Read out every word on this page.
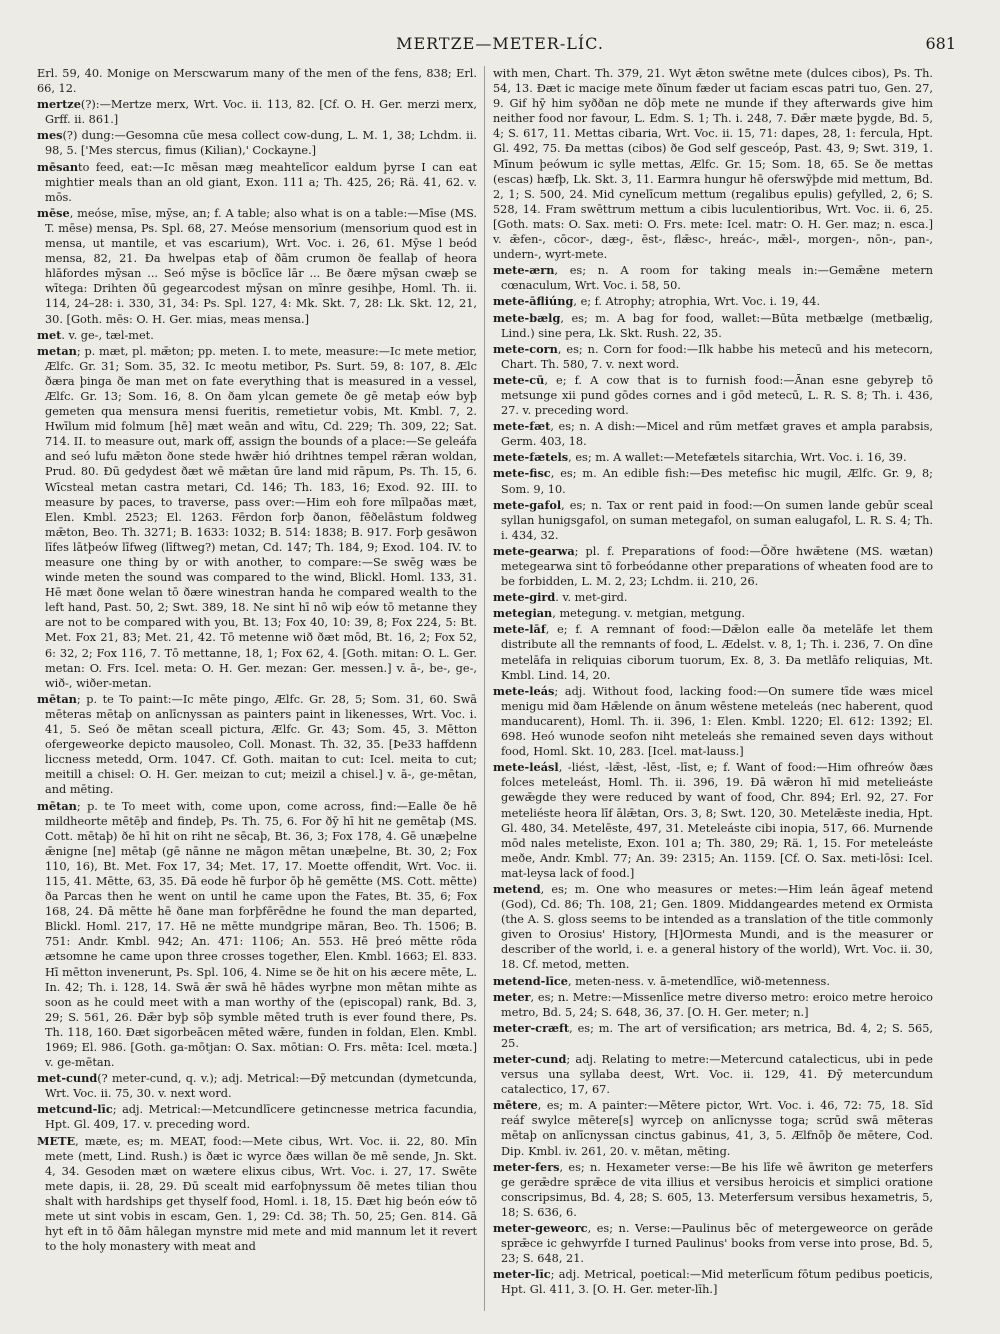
MERTZE—METER-LÍC.	681

Erl. 59, 40. Monige on Merscwarum many of the men of the fens, 838; Erl. 66, 12.

mertze(?):—Mertze merx, Wrt. Voc. ii. 113, 82. [Cf. O. H. Ger. merzi merx, Grff. ii. 861.]

mes(?) dung:—Gesomna cūe mesa collect cow-dung, L. M. 1, 38; Lchdm. ii. 98, 5. ['Mes stercus, fimus (Kilian),' Cockayne.]

mēsanto feed, eat:—Ic mēsan mæg meahtelīcor ealdum þyrse I can eat mightier meals than an old giant, Exon. 111 a; Th. 425, 26; Rä. 41, 62. v. mōs.

mēse, meóse, mīse, mȳse, an; f. A table; also what is on a table:—Mīse (MS. T. mēse) mensa, Ps. Spl. 68, 27. Meóse mensorium (mensorium quod est in mensa, ut mantile, et vas escarium), Wrt. Voc. i. 26, 61. Mȳse l beód mensa, 82, 21. Ða hwelpas etaþ of ðām crumon ðe feallaþ of heora hlāfordes mȳsan ... Seó mȳse is bōclīce lār ... Be ðære mȳsan cwæþ se wītega: Drihten ðū gegearcodest mȳsan on mīnre gesihþe, Homl. Th. ii. 114, 24–28: i. 330, 31, 34: Ps. Spl. 127, 4: Mk. Skt. 7, 28: Lk. Skt. 12, 21, 30. [Goth. mēs: O. H. Ger. mias, meas mensa.]

met. v. ge-, tæl-met.

metan; p. mæt, pl. mǣton; pp. meten. I. to mete, measure:—Ic mete metior, Ælfc. Gr. 31; Som. 35, 32. Ic meotu metibor, Ps. Surt. 59, 8: 107, 8. Ælc ðæra þinga ðe man met on fate everything that is measured in a vessel, Ælfc. Gr. 13; Som. 16, 8. On ðam ylcan gemete ðe gē metaþ eów byþ gemeten qua mensura mensi fueritis, remetietur vobis, Mt. Kmbl. 7, 2. Hwīlum mid folmum [hē] mæt weān and wītu, Cd. 229; Th. 309, 22; Sat. 714. II. to measure out, mark off, assign the bounds of a place:—Se geleáfa and seó lufu mǣton ðone stede hwǣr hió drihtnes tempel rǣran woldan, Prud. 80. Ðū gedydest ðæt wē mǣtan ūre land mid rāpum, Ps. Th. 15, 6. Wīcsteal metan castra metari, Cd. 146; Th. 183, 16; Exod. 92. III. to measure by paces, to traverse, pass over:—Him eoh fore mīlpaðas mæt, Elen. Kmbl. 2523; El. 1263. Fērdon forþ ðanon, fēðelāstum foldweg mǣton, Beo. Th. 3271; B. 1633: 1032; B. 514: 1838; B. 917. Forþ gesāwon līfes lātþeów līfweg (līftweg?) metan, Cd. 147; Th. 184, 9; Exod. 104. IV. to measure one thing by or with another, to compare:—Se swēg wæs be winde meten the sound was compared to the wind, Blickl. Homl. 133, 31. Hē mæt ðone welan tō ðære winestran handa he compared wealth to the left hand, Past. 50, 2; Swt. 389, 18. Ne sint hī nō wiþ eów tō metanne they are not to be compared with you, Bt. 13; Fox 40, 10: 39, 8; Fox 224, 5: Bt. Met. Fox 21, 83; Met. 21, 42. Tō metenne wið ðæt mōd, Bt. 16, 2; Fox 52, 6: 32, 2; Fox 116, 7. Tō mettanne, 18, 1; Fox 62, 4. [Goth. mitan: O. L. Ger. metan: O. Frs. Icel. meta: O. H. Ger. mezan: Ger. messen.] v. ā-, be-, ge-, wið-, wiðer-metan.

mētan; p. te To paint:—Ic mēte pingo, Ælfc. Gr. 28, 5; Som. 31, 60. Swā mēteras mētaþ on anlīcnyssan as painters paint in likenesses, Wrt. Voc. i. 41, 5. Seó ðe mētan sceall pictura, Ælfc. Gr. 43; Som. 45, 3. Mētton ofergeweorke depicto mausoleo, Coll. Monast. Th. 32, 35. [Þe33 haffdenn liccness metedd, Orm. 1047. Cf. Goth. maitan to cut: Icel. meita to cut; meitill a chisel: O. H. Ger. meizan to cut; meizil a chisel.] v. ā-, ge-mētan, and mēting.

mētan; p. te To meet with, come upon, come across, find:—Ealle ðe hē mildheorte mētēþ and findeþ, Ps. Th. 75, 6. For ðȳ hī hit ne gemētaþ (MS. Cott. mētaþ) ðe hī hit on riht ne sēcaþ, Bt. 36, 3; Fox 178, 4. Gē unæþelne ǣnigne [ne] mētaþ (gē nānne ne māgon mētan unæþelne, Bt. 30, 2; Fox 110, 16), Bt. Met. Fox 17, 34; Met. 17, 17. Moette offendit, Wrt. Voc. ii. 115, 41. Mētte, 63, 35. Ðā eode hē furþor ōþ hē gemētte (MS. Cott. mētte) ða Parcas then he went on until he came upon the Fates, Bt. 35, 6; Fox 168, 24. Ðā mētte hē ðane man forþfērēdne he found the man departed, Blickl. Homl. 217, 17. Hē ne mētte mundgripe māran, Beo. Th. 1506; B. 751: Andr. Kmbl. 942; An. 471: 1106; An. 553. Hē þreó mētte rōda ætsomne he came upon three crosses together, Elen. Kmbl. 1663; El. 833. Hī mētton invenerunt, Ps. Spl. 106, 4. Nime se ðe hit on his æcere mēte, L. In. 42; Th. i. 128, 14. Swā ǣr swā hē hādes wyrþne mon mētan mihte as soon as he could meet with a man worthy of the (episcopal) rank, Bd. 3, 29; S. 561, 26. Ðǣr byþ sōþ symble mēted truth is ever found there, Ps. Th. 118, 160. Ðæt sigorbeācen mēted wǣre, funden in foldan, Elen. Kmbl. 1969; El. 986. [Goth. ga-mōtjan: O. Sax. mōtian: O. Frs. mēta: Icel. mœta.] v. ge-mētan.

met-cund(? meter-cund, q. v.); adj. Metrical:—Ðȳ metcundan (dymetcunda, Wrt. Voc. ii. 75, 30. v. next word.

metcund-līc; adj. Metrical:—Metcundlīcere getincnesse metrica facundia, Hpt. Gl. 409, 17. v. preceding word.

METE, mæte, es; m. MEAT, food:—Mete cibus, Wrt. Voc. ii. 22, 80. Mīn mete (mett, Lind. Rush.) is ðæt ic wyrce ðæs willan ðe mē sende, Jn. Skt. 4, 34. Gesoden mæt on wætere elixus cibus, Wrt. Voc. i. 27, 17. Swēte mete dapis, ii. 28, 29. Ðū scealt mid earfoþnyssum ðē metes tilian thou shalt with hardships get thyself food, Homl. i. 18, 15. Ðæt hig beón eów tō mete ut sint vobis in escam, Gen. 1, 29: Cd. 38; Th. 50, 25; Gen. 814. Gā hyt eft in tō ðām hālegan mynstre mid mete and mid mannum let it revert to the holy monastery with meat and

with men, Chart. Th. 379, 21. Wyt ǣton swētne mete (dulces cibos), Ps. Th. 54, 13. Ðæt ic macige mete ðīnum fæder ut faciam escas patri tuo, Gen. 27, 9. Gif hȳ him syððan ne dōþ mete ne munde if they afterwards give him neither food nor favour, L. Edm. S. 1; Th. i. 248, 7. Ðǣr mæte þygde, Bd. 5, 4; S. 617, 11. Mettas cibaria, Wrt. Voc. ii. 15, 71: dapes, 28, 1: fercula, Hpt. Gl. 492, 75. Ða mettas (cibos) ðe God self gesceóp, Past. 43, 9; Swt. 319, 1. Mīnum þeówum ic sylle mettas, Ælfc. Gr. 15; Som. 18, 65. Se ðe mettas (escas) hæfþ, Lk. Skt. 3, 11. Earmra hungur hē oferswȳþde mid mettum, Bd. 2, 1; S. 500, 24. Mid cynelīcum mettum (regalibus epulis) gefylled, 2, 6; S. 528, 14. Fram swēttrum mettum a cibis luculentioribus, Wrt. Voc. ii. 6, 25. [Goth. mats: O. Sax. meti: O. Frs. mete: Icel. matr: O. H. Ger. maz; n. esca.] v. ǣfen-, cōcor-, dæg-, ēst-, flǣsc-, hreác-, mǣl-, morgen-, nōn-, pan-, undern-, wyrt-mete.

mete-ærn, es; n. A room for taking meals in:—Gemǣne metern cœnaculum, Wrt. Voc. i. 58, 50.

mete-āfliúng, e; f. Atrophy; atrophia, Wrt. Voc. i. 19, 44.

mete-bælg, es; m. A bag for food, wallet:—Būta metbælge (metbælig, Lind.) sine pera, Lk. Skt. Rush. 22, 35.

mete-corn, es; n. Corn for food:—Ilk habbe his metecū and his metecorn, Chart. Th. 580, 7. v. next word.

mete-cū, e; f. A cow that is to furnish food:—Ānan esne gebyreþ tō metsunge xii pund gōdes cornes and i gōd metecū, L. R. S. 8; Th. i. 436, 27. v. preceding word.

mete-fæt, es; n. A dish:—Micel and rūm metfæt graves et ampla parabsis, Germ. 403, 18.

mete-fætels, es; m. A wallet:—Metefætels sitarchia, Wrt. Voc. i. 16, 39.

mete-fisc, es; m. An edible fish:—Ðes metefisc hic mugil, Ælfc. Gr. 9, 8; Som. 9, 10.

mete-gafol, es; n. Tax or rent paid in food:—On sumen lande gebūr sceal syllan hunigsgafol, on suman metegafol, on suman ealugafol, L. R. S. 4; Th. i. 434, 32.

mete-gearwa; pl. f. Preparations of food:—Ōðre hwǣtene (MS. wætan) metegearwa sint tō forbeódanne other preparations of wheaten food are to be forbidden, L. M. 2, 23; Lchdm. ii. 210, 26.

mete-gird. v. met-gird.

metegian, metegung. v. metgian, metgung.

mete-lāf, e; f. A remnant of food:—Dǣlon ealle ða metelāfe let them distribute all the remnants of food, L. Ædelst. v. 8, 1; Th. i. 236, 7. On dīne metelāfa in reliquias ciborum tuorum, Ex. 8, 3. Ða metlāfo reliquias, Mt. Kmbl. Lind. 14, 20.

mete-leás; adj. Without food, lacking food:—On sumere tīde wæs micel menigu mid ðam Hǣlende on ānum wēstene meteleás (nec haberent, quod manducarent), Homl. Th. ii. 396, 1: Elen. Kmbl. 1220; El. 612: 1392; El. 698. Heó wunode seofon niht meteleás she remained seven days without food, Homl. Skt. 10, 283. [Icel. mat-lauss.]

mete-leásl, -liést, -lǣst, -lēst, -līst, e; f. Want of food:—Him ofhreów ðæs folces meteleást, Homl. Th. ii. 396, 19. Ðā wǣron hī mid metelieáste gewǣgde they were reduced by want of food, Chr. 894; Erl. 92, 27. For meteliéste heora līf ālǣtan, Ors. 3, 8; Swt. 120, 30. Metelǣste inedia, Hpt. Gl. 480, 34. Metelēste, 497, 31. Meteleáste cibi inopia, 517, 66. Murnende mōd nales meteliste, Exon. 101 a; Th. 380, 29; Rä. 1, 15. For meteleáste meðe, Andr. Kmbl. 77; An. 39: 2315; An. 1159. [Cf. O. Sax. meti-lōsi: Icel. mat-leysa lack of food.]

metend, es; m. One who measures or metes:—Him leán āgeaf metend (God), Cd. 86; Th. 108, 21; Gen. 1809. Middangeardes metend ex Ormista (the A. S. gloss seems to be intended as a translation of the title commonly given to Orosius' History, [H]Ormesta Mundi, and is the measurer or describer of the world, i. e. a general history of the world), Wrt. Voc. ii. 30, 18. Cf. metod, metten.

metend-līce, meten-ness. v. ā-metendlīce, wið-metenness.

meter, es; n. Metre:—Missenlīce metre diverso metro: eroico metre heroico metro, Bd. 5, 24; S. 648, 36, 37. [O. H. Ger. meter; n.]

meter-cræft, es; m. The art of versification; ars metrica, Bd. 4, 2; S. 565, 25.

meter-cund; adj. Relating to metre:—Metercund catalecticus, ubi in pede versus una syllaba deest, Wrt. Voc. ii. 129, 41. Ðȳ metercundum catalectico, 17, 67.

mētere, es; m. A painter:—Mētere pictor, Wrt. Voc. i. 46, 72: 75, 18. Sīd reáf swylce mētere[s] wyrceþ on anlīcnysse toga; scrūd swā mēteras mētaþ on anlīcnyssan cinctus gabinus, 41, 3, 5. Ælfnōþ ðe mētere, Cod. Dip. Kmbl. iv. 261, 20. v. mētan, mēting.

meter-fers, es; n. Hexameter verse:—Be his līfe wē āwriton ge meterfers ge gerǣdre sprǣce de vita illius et versibus heroicis et simplici oratione conscripsimus, Bd. 4, 28; S. 605, 13. Meterfersum versibus hexametris, 5, 18; S. 636, 6.

meter-geweorc, es; n. Verse:—Paulinus bēc of metergeweorce on gerāde sprǣce ic gehwyrfde I turned Paulinus' books from verse into prose, Bd. 5, 23; S. 648, 21.

meter-līc; adj. Metrical, poetical:—Mid meterlīcum fōtum pedibus poeticis, Hpt. Gl. 411, 3. [O. H. Ger. meter-līh.]
